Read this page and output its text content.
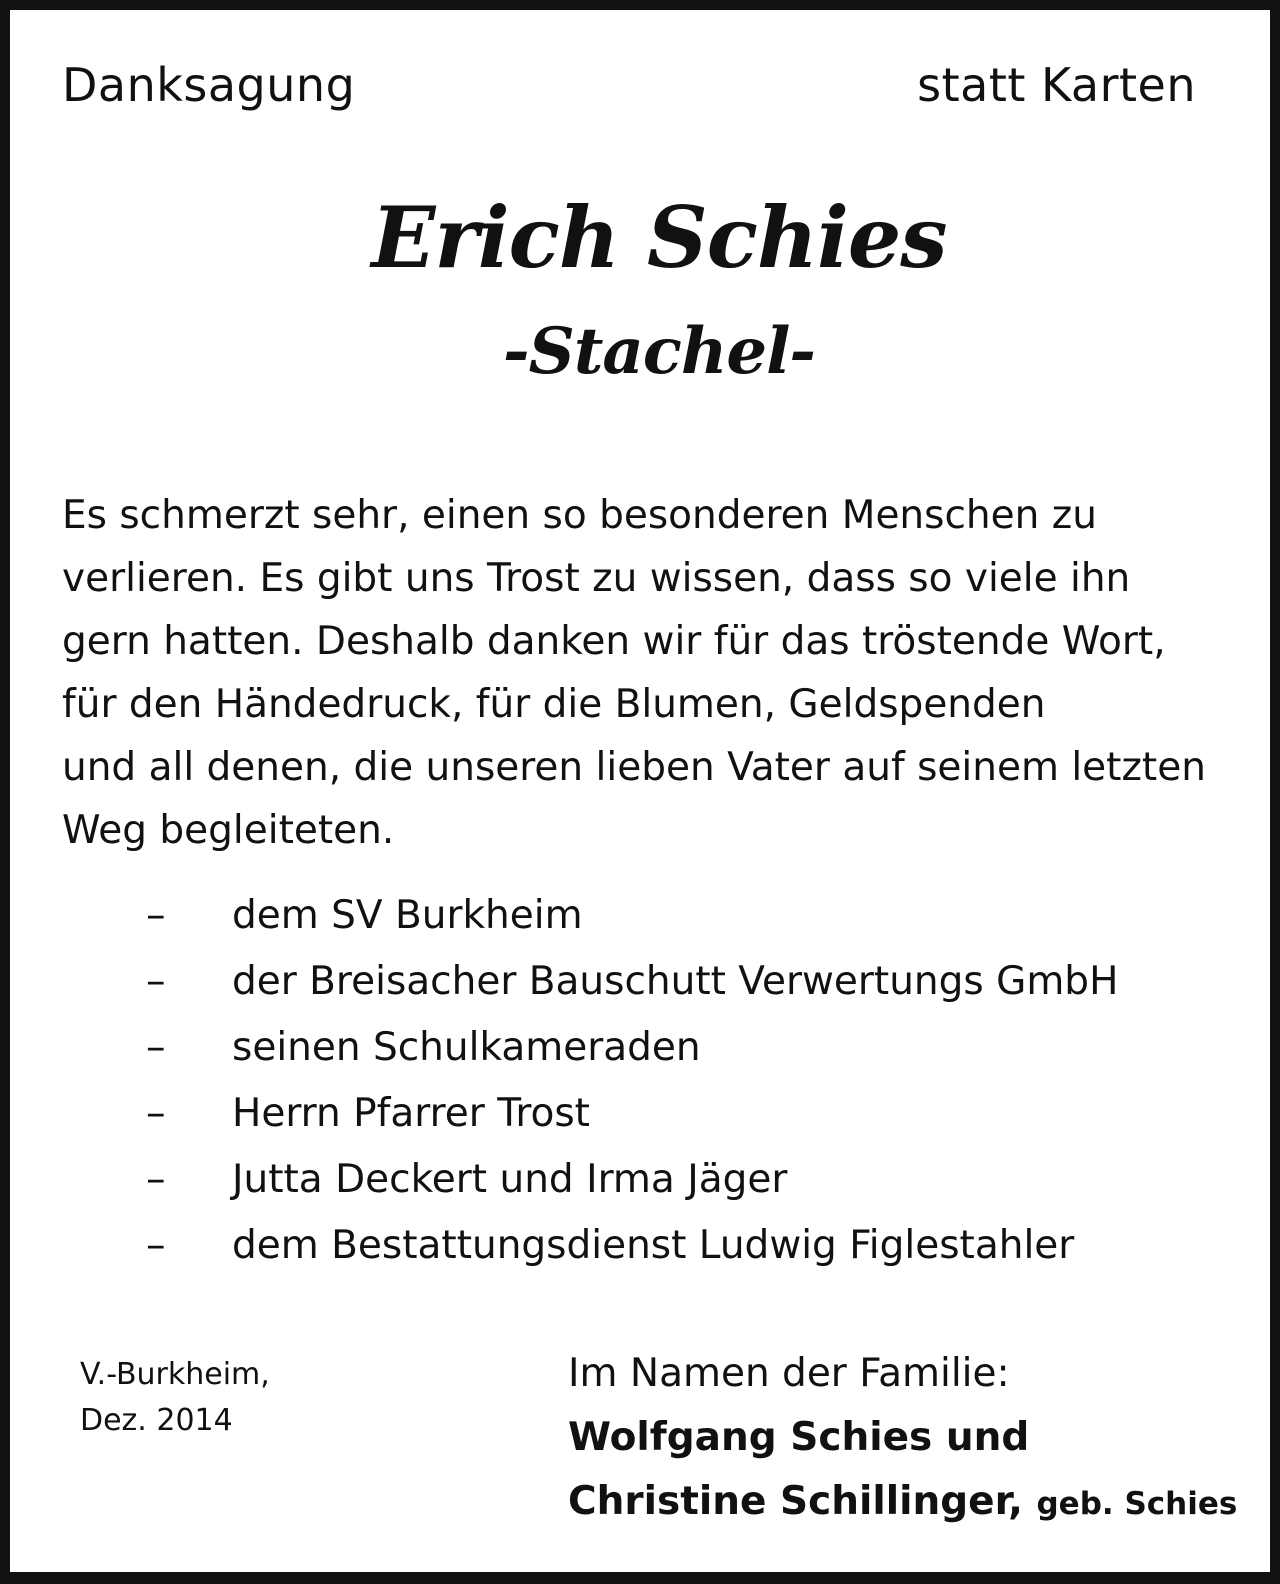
Danksagung	statt Karten
Erich Schies
-Stachel-
Es schmerzt sehr, einen so besonderen Menschen zu
verlieren. Es gibt uns Trost zu wissen, dass so viele ihn
gern hatten. Deshalb danken wir für das tröstende Wort,
für den Händedruck, für die Blumen, Geldspenden
und all denen, die unseren lieben Vater auf seinem letzten
Weg begleiteten.
–	dem SV Burkheim
–	der Breisacher Bauschutt Verwertungs GmbH
–	seinen Schulkameraden
–	Herrn Pfarrer Trost
–	Jutta Deckert und Irma Jäger
–	dem Bestattungsdienst Ludwig Figlestahler
V.-Burkheim,
Dez. 2014
Im Namen der Familie:
Wolfgang Schies und
Christine Schillinger, geb. Schies
